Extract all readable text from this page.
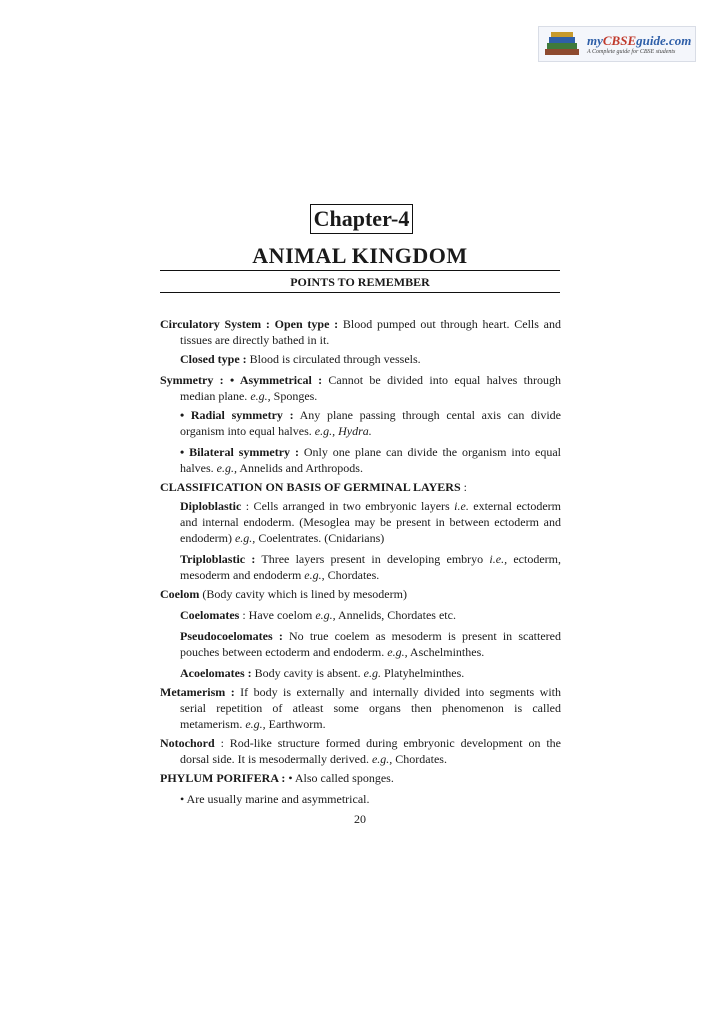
myCBSEguide.com
A Complete guide for CBSE students
Chapter-4
ANIMAL KINGDOM
POINTS TO REMEMBER

Circulatory System : Open type : Blood pumped out through heart. Cells and tissues are directly bathed in it.

Closed type : Blood is circulated through vessels.

Symmetry : • Asymmetrical : Cannot be divided into equal halves through median plane. e.g., Sponges.

• Radial symmetry : Any plane passing through cental axis can divide organism into equal halves. e.g., Hydra.

• Bilateral symmetry : Only one plane can divide the organism into equal halves. e.g., Annelids and Arthropods.

CLASSIFICATION ON BASIS OF GERMINAL LAYERS :

Diploblastic : Cells arranged in two embryonic layers i.e. external ectoderm and internal endoderm. (Mesoglea may be present in between ectoderm and endoderm) e.g., Coelentrates. (Cnidarians)

Triploblastic : Three layers present in developing embryo i.e., ectoderm, mesoderm and endoderm e.g., Chordates.

Coelom (Body cavity which is lined by mesoderm)

Coelomates : Have coelom e.g., Annelids, Chordates etc.

Pseudocoelomates : No true coelem as mesoderm is present in scattered pouches between ectoderm and endoderm. e.g., Aschelminthes.

Acoelomates : Body cavity is absent. e.g. Platyhelminthes.

Metamerism : If body is externally and internally divided into segments with serial repetition of atleast some organs then phenomenon is called metamerism. e.g., Earthworm.

Notochord : Rod-like structure formed during embryonic development on the dorsal side. It is mesodermally derived. e.g., Chordates.

PHYLUM PORIFERA : • Also called sponges.

• Are usually marine and asymmetrical.

20
